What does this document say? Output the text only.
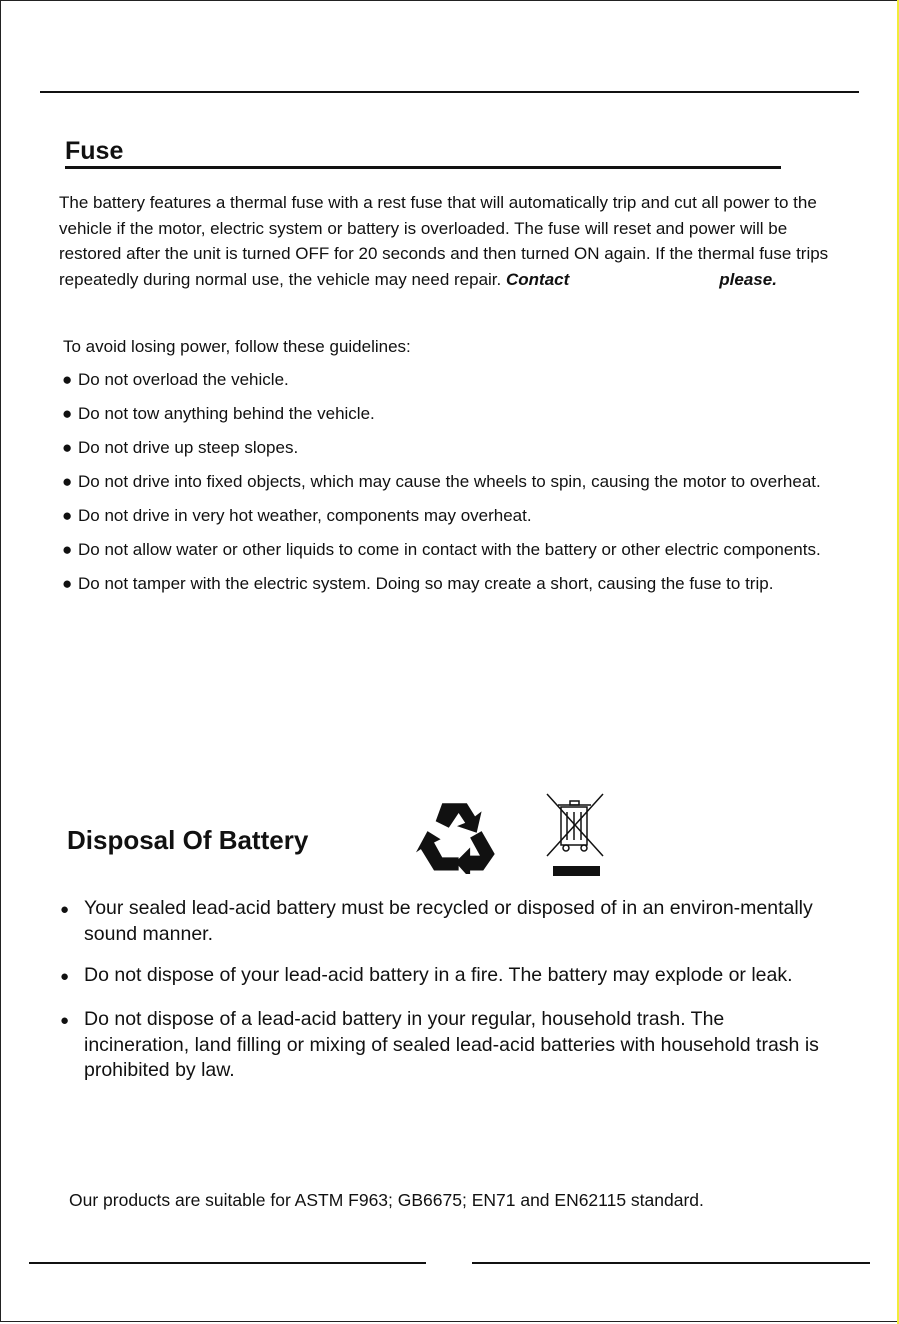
Fuse
The battery features a thermal fuse with a rest fuse that will automatically trip and cut all power to the vehicle if the motor, electric system or battery is overloaded. The fuse will reset and power will be restored after the unit is turned OFF for 20 seconds and then turned ON again. If the thermal fuse trips repeatedly during normal use, the vehicle may need repair. Contact	please.
To avoid losing power, follow these guidelines:
● Do not overload the vehicle.
● Do not tow anything behind the vehicle.
● Do not drive up steep slopes.
● Do not drive into fixed objects, which may cause the wheels to spin, causing the motor to overheat.
● Do not drive in very hot weather, components may overheat.
● Do not allow water or other liquids to come in contact with the battery or other electric components.
● Do not tamper with the electric system. Doing so may create a short, causing the fuse to trip.
Disposal Of Battery
● Your sealed lead-acid battery must be recycled or disposed of in an environ-mentally sound manner.
● Do not dispose of your lead-acid battery in a fire. The battery may explode or leak.
● Do not dispose of a lead-acid battery in your regular, household trash. The incineration, land filling or mixing of sealed lead-acid batteries with household trash is prohibited by law.
Our products are suitable for ASTM F963; GB6675; EN71 and EN62115 standard.
